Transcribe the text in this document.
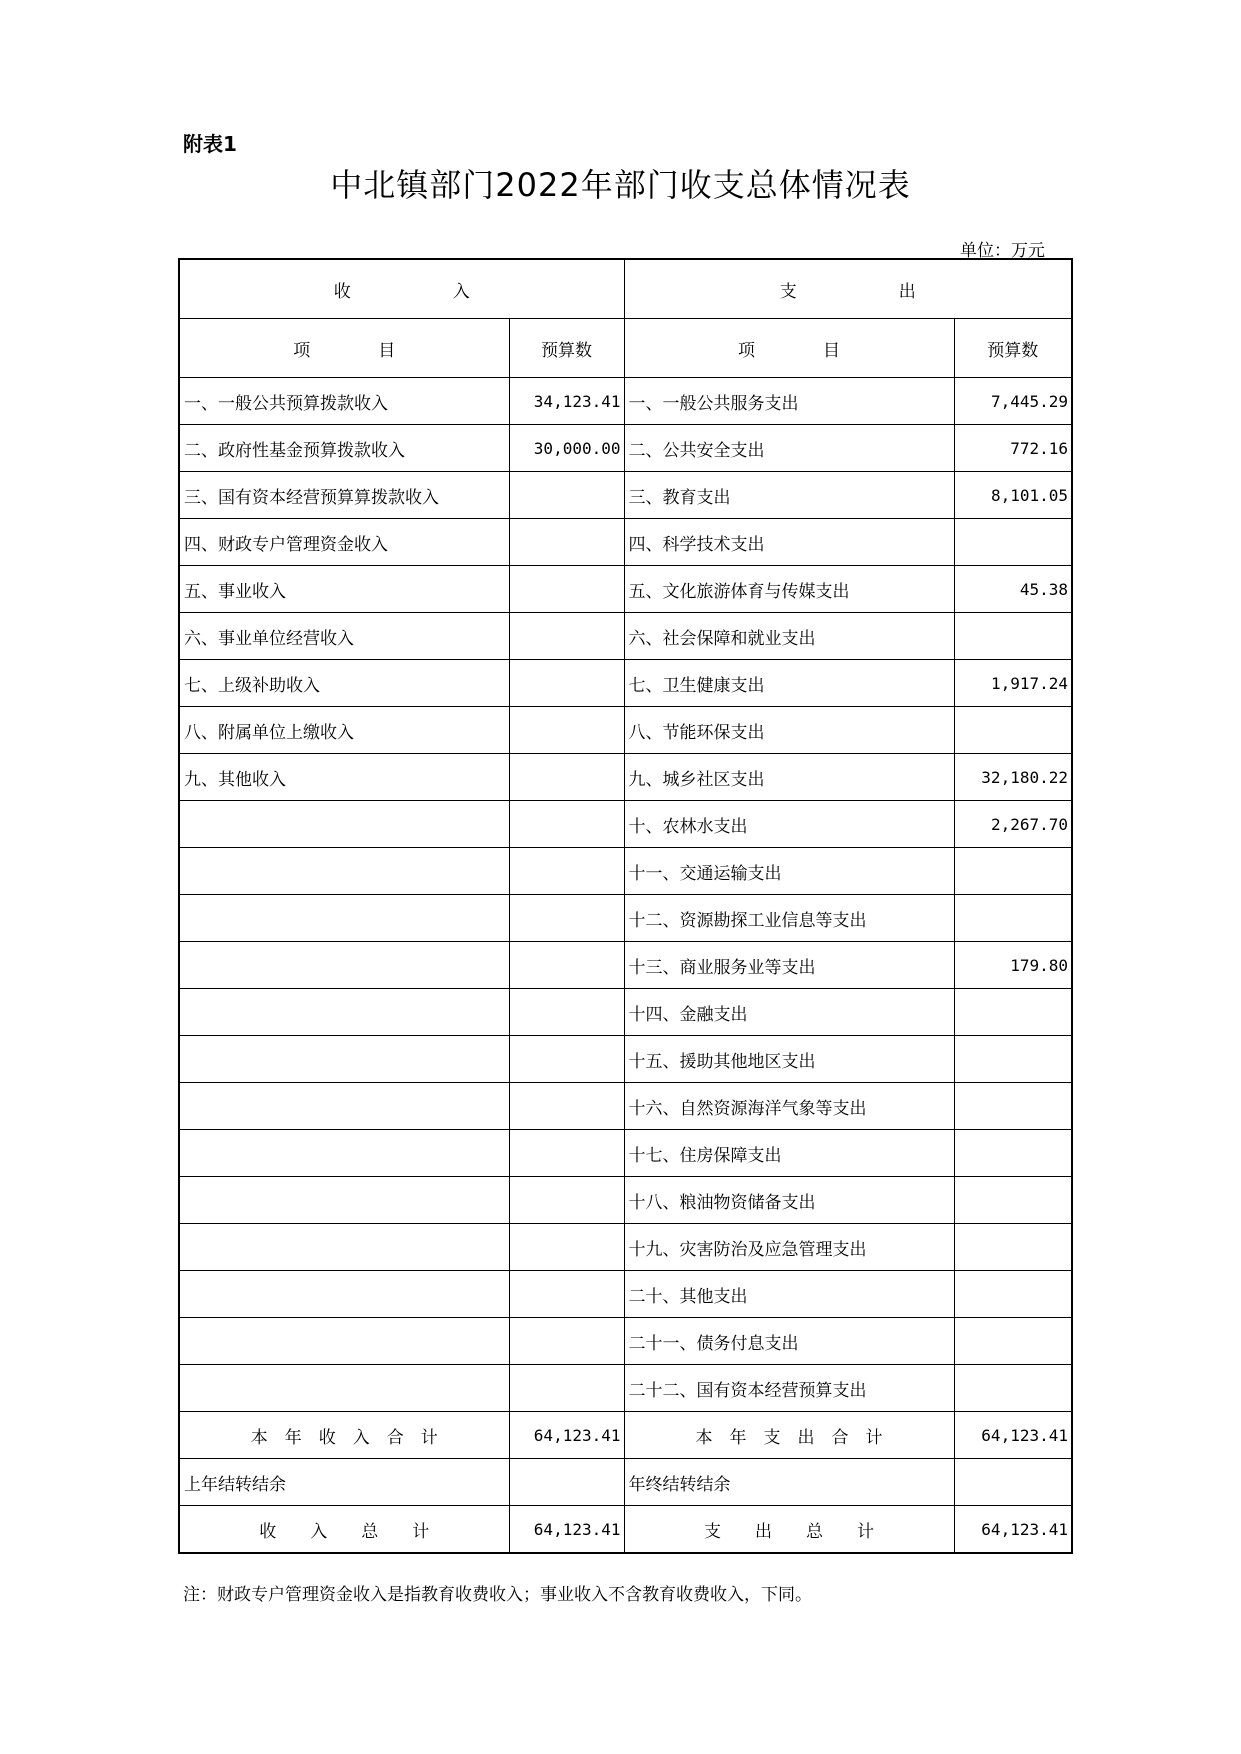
附表1
中北镇部门2022年部门收支总体情况表
单位：万元
收　　　　　　入		支　　　　　　出	
项　　　　目	预算数	项　　　　目	预算数
一、一般公共预算拨款收入	34,123.41	一、一般公共服务支出	7,445.29
二、政府性基金预算拨款收入	30,000.00	二、公共安全支出	772.16
三、国有资本经营预算算拨款收入		三、教育支出	8,101.05
四、财政专户管理资金收入		四、科学技术支出	
五、事业收入		五、文化旅游体育与传媒支出	45.38
六、事业单位经营收入		六、社会保障和就业支出	
七、上级补助收入		七、卫生健康支出	1,917.24
八、附属单位上缴收入		八、节能环保支出	
九、其他收入		九、城乡社区支出	32,180.22
		十、农林水支出	2,267.70
		十一、交通运输支出	
		十二、资源勘探工业信息等支出	
		十三、商业服务业等支出	179.80
		十四、金融支出	
		十五、援助其他地区支出	
		十六、自然资源海洋气象等支出	
		十七、住房保障支出	
		十八、粮油物资储备支出	
		十九、灾害防治及应急管理支出	
		二十、其他支出	
		二十一、债务付息支出	
		二十二、国有资本经营预算支出	
本　年　收　入　合　计	64,123.41	本　年　支　出　合　计	64,123.41
上年结转结余		年终结转结余	
收　　入　　总　　计	64,123.41	支　　出　　总　　计	64,123.41
注：财政专户管理资金收入是指教育收费收入；事业收入不含教育收费收入，下同。
